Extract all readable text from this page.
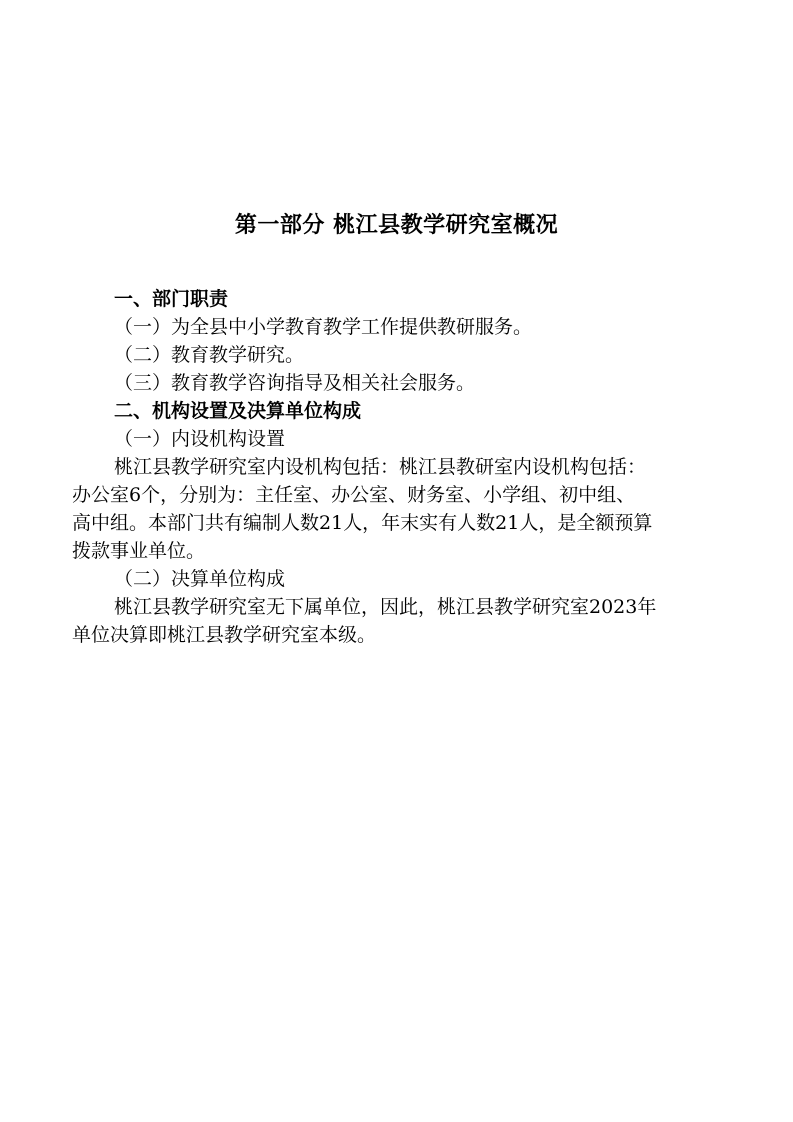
第一部分 桃江县教学研究室概况

一、部门职责

（一）为全县中小学教育教学工作提供教研服务。

（二）教育教学研究。

（三）教育教学咨询指导及相关社会服务。

二、机构设置及决算单位构成

（一）内设机构设置

桃江县教学研究室内设机构包括：桃江县教研室内设机构包括：

办公室6个，分别为：主任室、办公室、财务室、小学组、初中组、

高中组。本部门共有编制人数21人，年末实有人数21人，是全额预算

拨款事业单位。

（二）决算单位构成

桃江县教学研究室无下属单位，因此，桃江县教学研究室2023年

单位决算即桃江县教学研究室本级。
